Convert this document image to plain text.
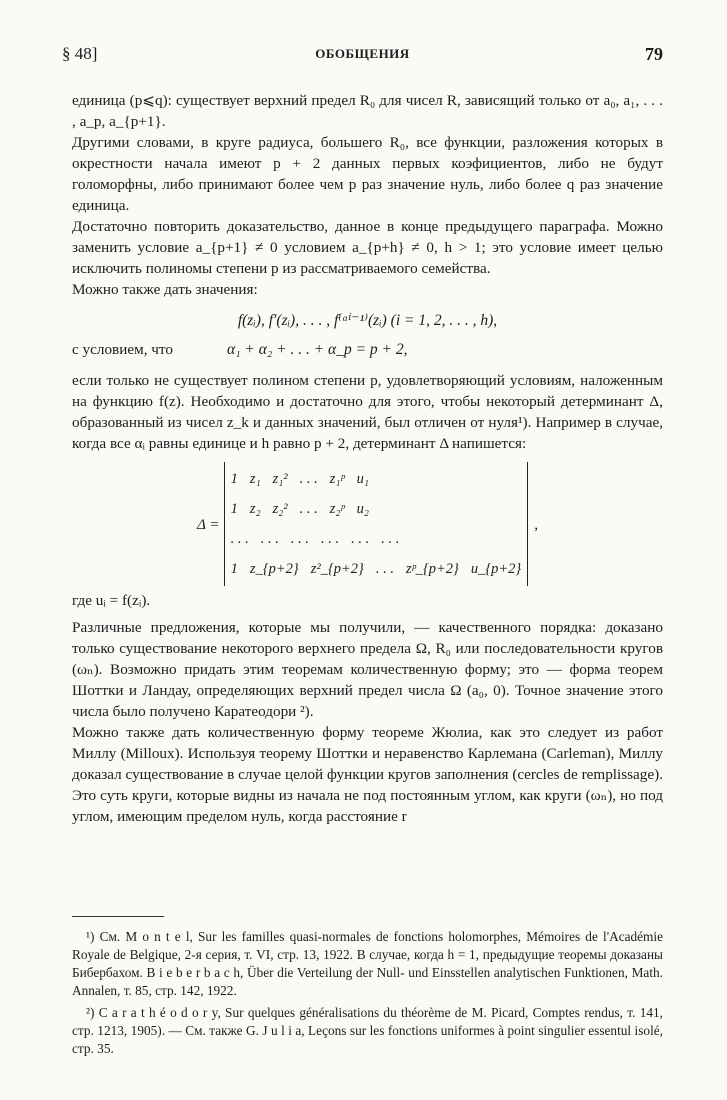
§ 48]	ОБОБЩЕНИЯ	79

единица (p⩽q): существует верхний предел R₀ для чисел R, зависящий только от a₀, a₁, . . . , a_p, a_{p+1}.

Другими словами, в круге радиуса, большего R₀, все функции, разложения которых в окрестности начала имеют p + 2 данных первых коэфициентов, либо не будут голоморфны, либо принимают более чем p раз значение нуль, либо более q раз значение единица.

Достаточно повторить доказательство, данное в конце предыдущего параграфа. Можно заменить условие a_{p+1} ≠ 0 условием a_{p+h} ≠ 0, h > 1; это условие имеет целью исключить полиномы степени p из рассматриваемого семейства.

Можно также дать значения:

f(zᵢ), f′(zᵢ), . . . , f⁽ᵅⁱ⁻¹⁾(zᵢ) (i = 1, 2, . . . , h),
с условием, что	α₁ + α₂ + . . . + α_p = p + 2,

если только не существует полином степени p, удовлетворяющий условиям, наложенным на функцию f(z). Необходимо и достаточно для этого, чтобы некоторый детерминант Δ, образованный из чисел z_k и данных значений, был отличен от нуля¹). Например в случае, когда все αᵢ равны единице и h равно p + 2, детерминант Δ напишется:

Δ =
1 z₁ z₁² . . . z₁ᵖ u₁
1 z₂ z₂² . . . z₂ᵖ u₂
. . . . . . . . . . . . . . . . . .
1 z_{p+2} z²_{p+2} . . . zᵖ_{p+2} u_{p+2}
,

где uᵢ = f(zᵢ).

Различные предложения, которые мы получили, — качественного порядка: доказано только существование некоторого верхнего предела Ω, R₀ или последовательности кругов (ωₙ). Возможно придать этим теоремам количественную форму; это — форма теорем Шоттки и Ландау, определяющих верхний предел числа Ω (a₀, 0). Точное значение этого числа было получено Каратеодори ²).

Можно также дать количественную форму теореме Жюлиа, как это следует из работ Миллу (Milloux). Используя теорему Шоттки и неравенство Карлемана (Carleman), Миллу доказал существование в случае целой функции кругов заполнения (cercles de remplissage). Это суть круги, которые видны из начала не под постоянным углом, как круги (ωₙ), но под углом, имеющим пределом нуль, когда расстояние r

¹) См. M o n t e l, Sur les familles quasi-normales de fonctions holomorphes, Mémoires de l'Académie Royale de Belgique, 2-я серия, т. VI, стр. 13, 1922. В случае, когда h = 1, предыдущие теоремы доказаны Бибербахом. B i e b e r b a c h, Über die Verteilung der Null- und Einsstellen analytischen Funktionen, Math. Annalen, т. 85, стр. 142, 1922.

²) C a r a t h é o d o r y, Sur quelques généralisations du théorème de M. Picard, Comptes rendus, т. 141, стр. 1213, 1905). — См. также G. J u l i a, Leçons sur les fonctions uniformes à point singulier essentul isolé, стр. 35.
